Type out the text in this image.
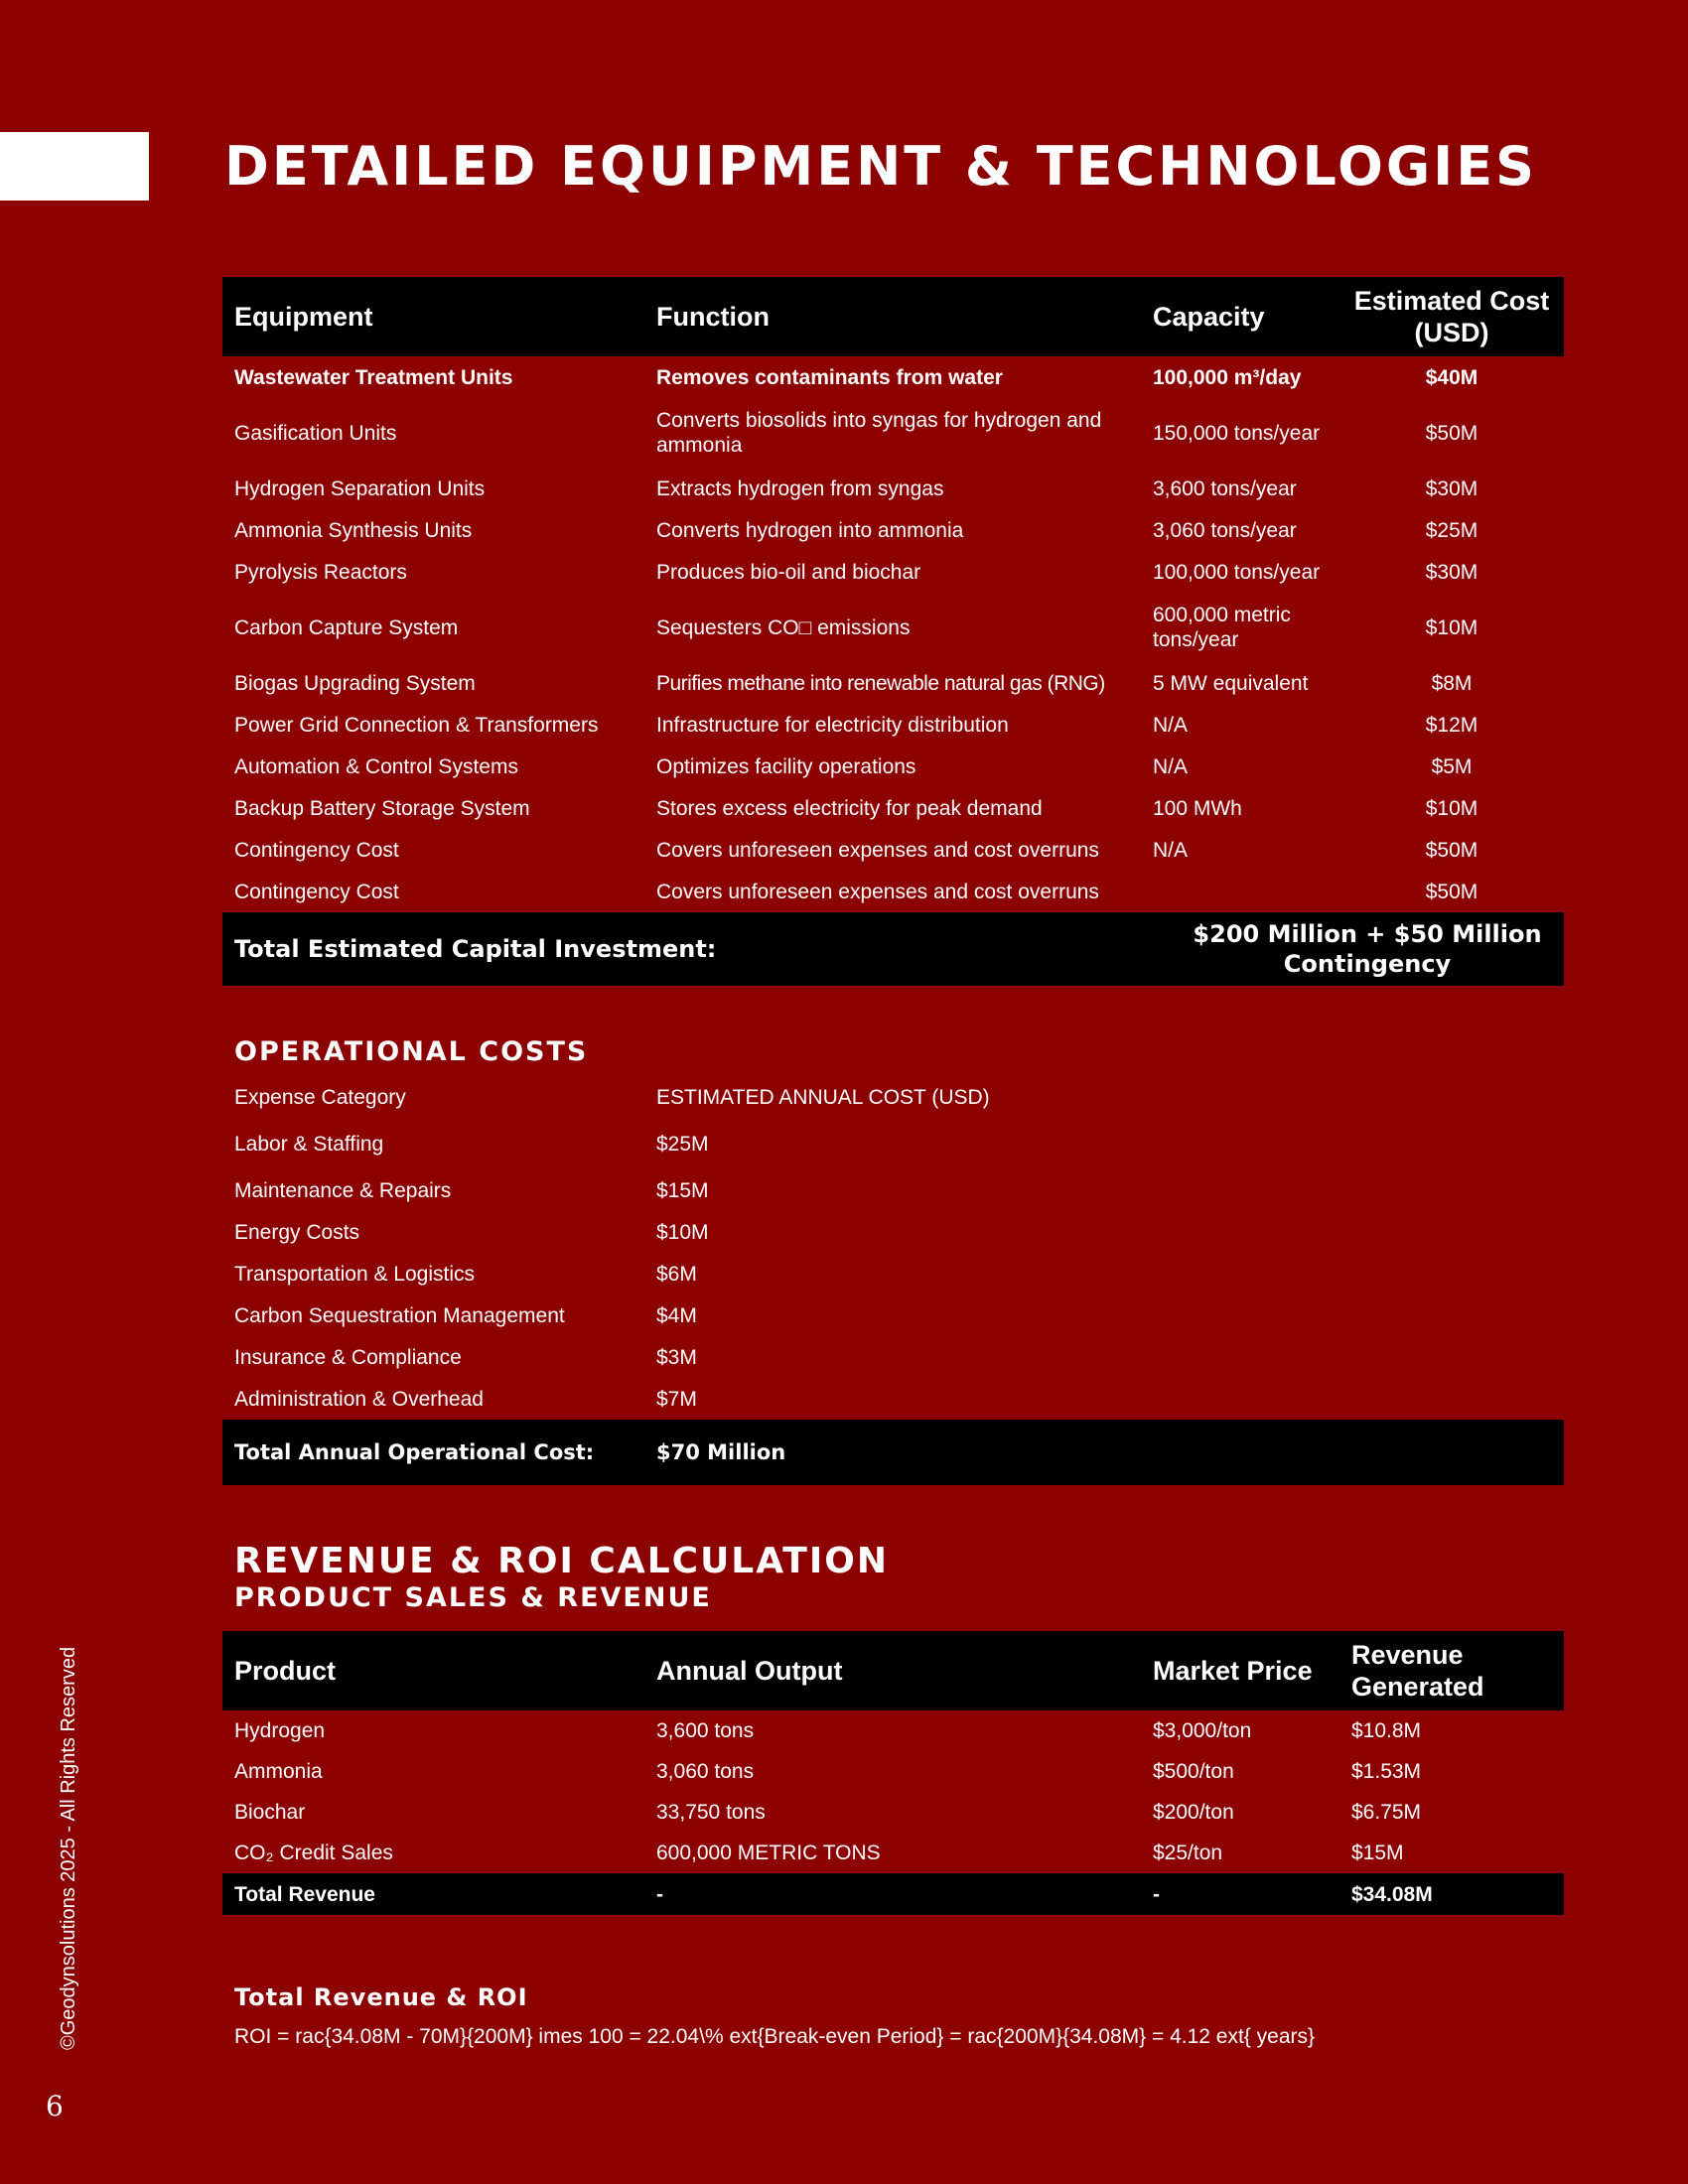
DETAILED EQUIPMENT & TECHNOLOGIES
Equipment	Function	Capacity	Estimated Cost (USD)
Wastewater Treatment Units	Removes contaminants from water	100,000 m³/day	$40M
Gasification Units	Converts biosolids into syngas for hydrogen and ammonia	150,000 tons/year	$50M
Hydrogen Separation Units	Extracts hydrogen from syngas	3,600 tons/year	$30M
Ammonia Synthesis Units	Converts hydrogen into ammonia	3,060 tons/year	$25M
Pyrolysis Reactors	Produces bio-oil and biochar	100,000 tons/year	$30M
Carbon Capture System	Sequesters CO□ emissions	600,000 metric tons/year	$10M
Biogas Upgrading System	Purifies methane into renewable natural gas (RNG)	5 MW equivalent	$8M
Power Grid Connection & Transformers	Infrastructure for electricity distribution	N/A	$12M
Automation & Control Systems	Optimizes facility operations	N/A	$5M
Backup Battery Storage System	Stores excess electricity for peak demand	100 MWh	$10M
Contingency Cost	Covers unforeseen expenses and cost overruns	N/A	$50M
Contingency Cost	Covers unforeseen expenses and cost overruns		$50M
Total Estimated Capital Investment:			$200 Million + $50 Million Contingency
OPERATIONAL COSTS
Expense Category	ESTIMATED ANNUAL COST (USD)
Labor & Staffing	$25M
Maintenance & Repairs	$15M
Energy Costs	$10M
Transportation & Logistics	$6M
Carbon Sequestration Management	$4M
Insurance & Compliance	$3M
Administration & Overhead	$7M
Total Annual Operational Cost:	$70 Million
REVENUE & ROI CALCULATION
PRODUCT SALES & REVENUE
Product	Annual Output	Market Price	Revenue Generated
Hydrogen	3,600 tons	$3,000/ton	$10.8M
Ammonia	3,060 tons	$500/ton	$1.53M
Biochar	33,750 tons	$200/ton	$6.75M
CO₂ Credit Sales	600,000 METRIC TONS	$25/ton	$15M
Total Revenue	-	-	$34.08M
Total Revenue & ROI
ROI = rac{34.08M - 70M}{200M} imes 100 = 22.04\% ext{Break-even Period} = rac{200M}{34.08M} = 4.12 ext{ years}
©Geodynsolutions 2025 - All Rights Reserved
6
